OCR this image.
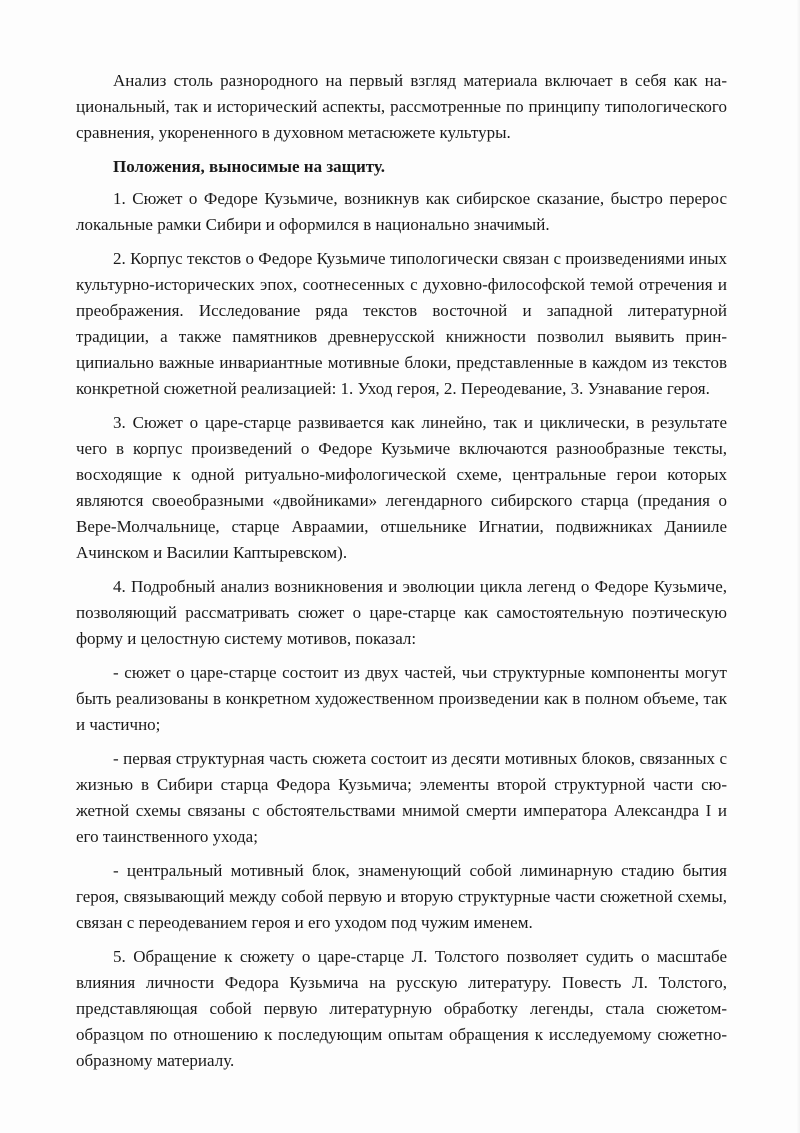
Анализ столь разнородного на первый взгляд материала включает в себя как национальный, так и исторический аспекты, рассмотренные по принципу типологического сравнения, укорененного в духовном метасюжете культуры.

Положения, выносимые на защиту.

1. Сюжет о Федоре Кузьмиче, возникнув как сибирское сказание, быстро перерос локальные рамки Сибири и оформился в национально значимый.

2. Корпус текстов о Федоре Кузьмиче типологически связан с произведениями иных культурно-исторических эпох, соотнесенных с духовно-философской темой отречения и преображения. Исследование ряда текстов восточной и западной литературной традиции, а также памятников древнерусской книжности позволил выявить принципиально важные инвариантные мотивные блоки, представленные в каждом из текстов конкретной сюжетной реализацией: 1. Уход героя, 2. Переодевание, 3. Узнавание героя.

3. Сюжет о царе-старце развивается как линейно, так и циклически, в результате чего в корпус произведений о Федоре Кузьмиче включаются разнообразные тексты, восходящие к одной ритуально-мифологической схеме, центральные герои которых являются своеобразными «двойниками» легендарного сибирского старца (предания о Вере-Молчальнице, старце Авраамии, отшельнике Игнатии, подвижниках Данииле Ачинском и Василии Каптыревском).

4. Подробный анализ возникновения и эволюции цикла легенд о Федоре Кузьмиче, позволяющий рассматривать сюжет о царе-старце как самостоятельную поэтическую форму и целостную систему мотивов, показал:

- сюжет о царе-старце состоит из двух частей, чьи структурные компоненты могут быть реализованы в конкретном художественном произведении как в полном объеме, так и частично;

- первая структурная часть сюжета состоит из десяти мотивных блоков, связанных с жизнью в Сибири старца Федора Кузьмича; элементы второй структурной части сюжетной схемы связаны с обстоятельствами мнимой смерти императора Александра I и его таинственного ухода;

- центральный мотивный блок, знаменующий собой лиминарную стадию бытия героя, связывающий между собой первую и вторую структурные части сюжетной схемы, связан с переодеванием героя и его уходом под чужим именем.

5. Обращение к сюжету о царе-старце Л. Толстого позволяет судить о масштабе влияния личности Федора Кузьмича на русскую литературу. Повесть Л. Толстого, представляющая собой первую литературную обработку легенды, стала сюжетом-образцом по отношению к последующим опытам обращения к исследуемому сюжетно-образному материалу.
